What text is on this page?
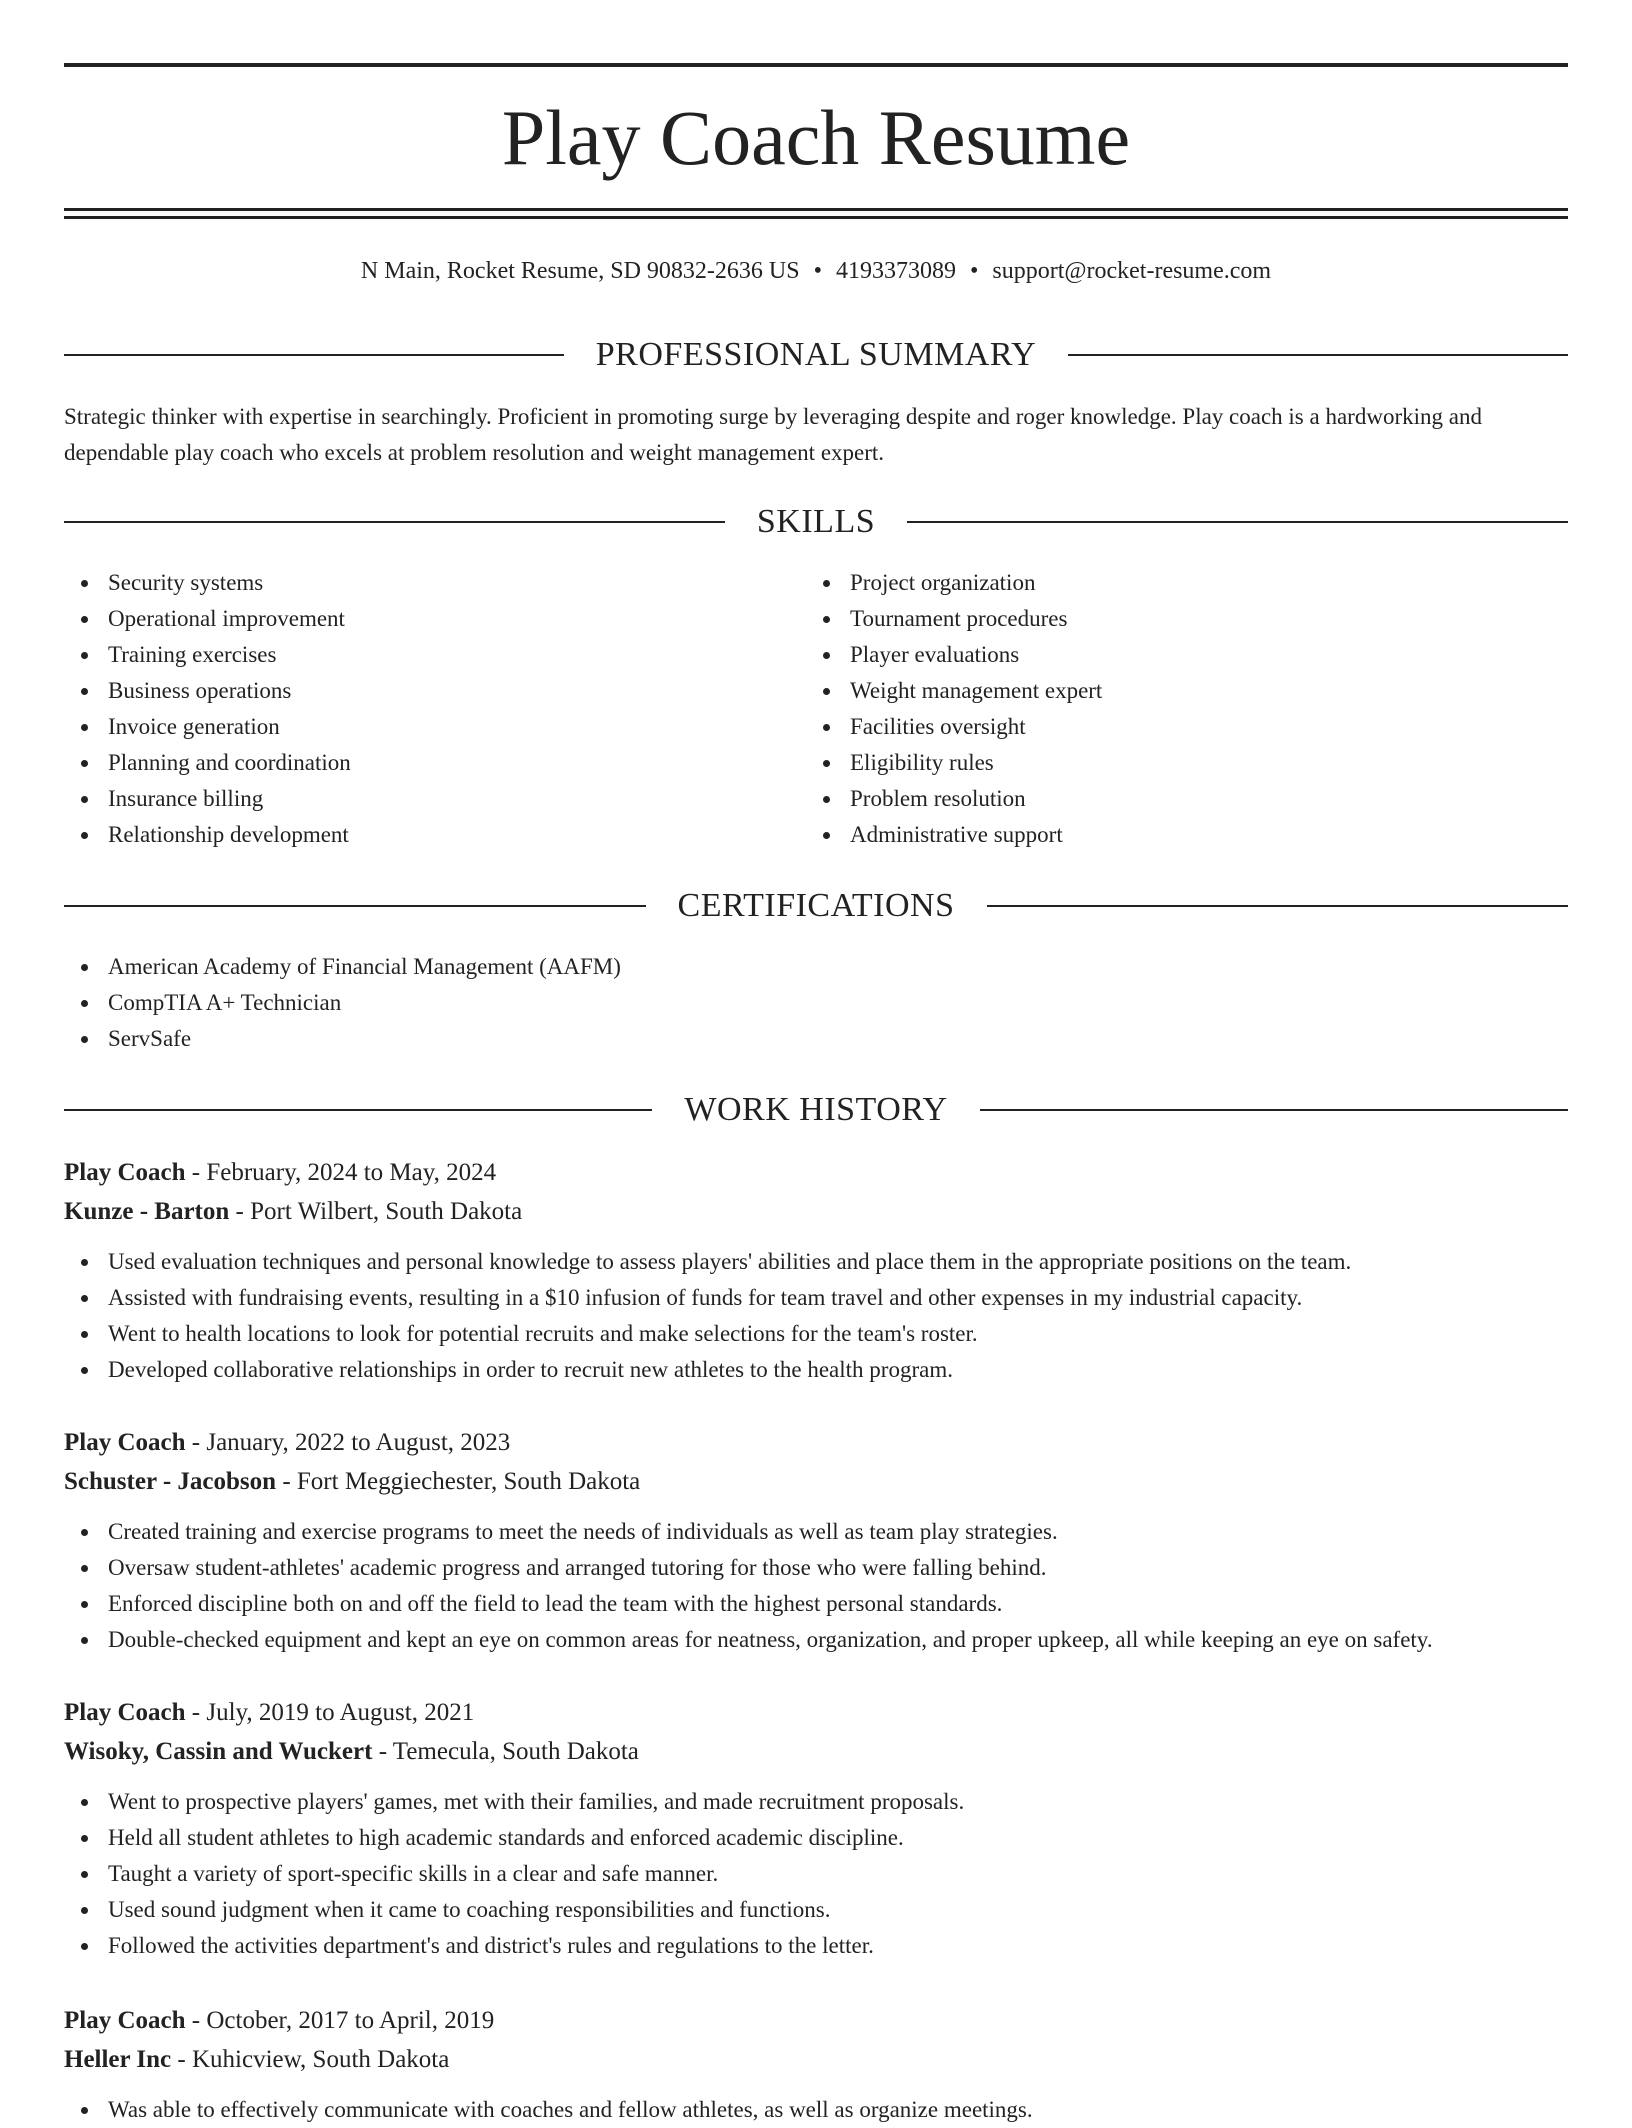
Play Coach Resume
N Main, Rocket Resume, SD 90832-2636 US • 4193373089 • support@rocket-resume.com
PROFESSIONAL SUMMARY
Strategic thinker with expertise in searchingly. Proficient in promoting surge by leveraging despite and roger knowledge. Play coach is a hardworking and dependable play coach who excels at problem resolution and weight management expert.
SKILLS
Security systems
Operational improvement
Training exercises
Business operations
Invoice generation
Planning and coordination
Insurance billing
Relationship development
Project organization
Tournament procedures
Player evaluations
Weight management expert
Facilities oversight
Eligibility rules
Problem resolution
Administrative support
CERTIFICATIONS
American Academy of Financial Management (AAFM)
CompTIA A+ Technician
ServSafe
WORK HISTORY
Play Coach - February, 2024 to May, 2024
Kunze - Barton - Port Wilbert, South Dakota
Used evaluation techniques and personal knowledge to assess players' abilities and place them in the appropriate positions on the team.
Assisted with fundraising events, resulting in a $10 infusion of funds for team travel and other expenses in my industrial capacity.
Went to health locations to look for potential recruits and make selections for the team's roster.
Developed collaborative relationships in order to recruit new athletes to the health program.
Play Coach - January, 2022 to August, 2023
Schuster - Jacobson - Fort Meggiechester, South Dakota
Created training and exercise programs to meet the needs of individuals as well as team play strategies.
Oversaw student-athletes' academic progress and arranged tutoring for those who were falling behind.
Enforced discipline both on and off the field to lead the team with the highest personal standards.
Double-checked equipment and kept an eye on common areas for neatness, organization, and proper upkeep, all while keeping an eye on safety.
Play Coach - July, 2019 to August, 2021
Wisoky, Cassin and Wuckert - Temecula, South Dakota
Went to prospective players' games, met with their families, and made recruitment proposals.
Held all student athletes to high academic standards and enforced academic discipline.
Taught a variety of sport-specific skills in a clear and safe manner.
Used sound judgment when it came to coaching responsibilities and functions.
Followed the activities department's and district's rules and regulations to the letter.
Play Coach - October, 2017 to April, 2019
Heller Inc - Kuhicview, South Dakota
Was able to effectively communicate with coaches and fellow athletes, as well as organize meetings.
